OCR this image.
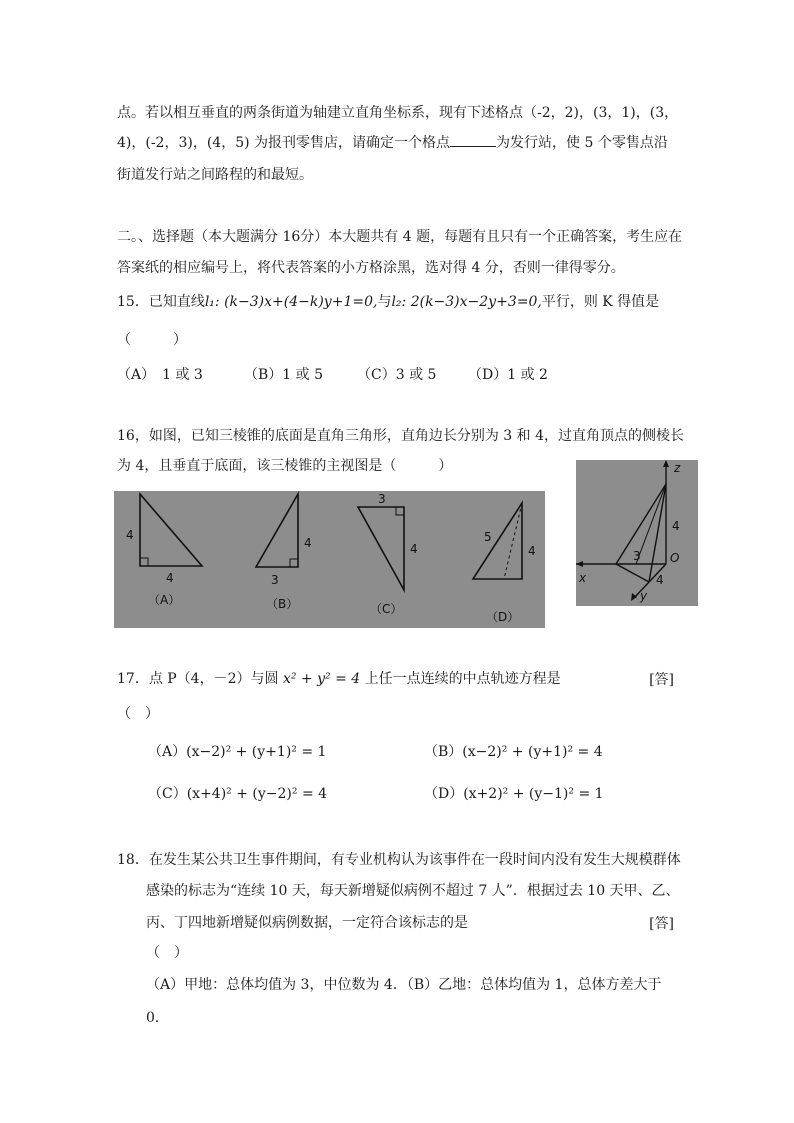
点。若以相互垂直的两条街道为轴建立直角坐标系，现有下述格点（-2，2)，(3，1)，(3，
4)，(-2，3)，(4，5) 为报刊零售店，请确定一个格点	为发行站，使 5 个零售点沿
街道发行站之间路程的和最短。
二。、选择题（本大题满分 16分）本大题共有 4 题，每题有且只有一个正确答案，考生应在
答案纸的相应编号上，将代表答案的小方格涂黑，选对得 4 分，否则一律得零分。
15．已知直线l₁: (k−3)x+(4−k)y+1=0,与l₂: 2(k−3)x−2y+3=0,平行，则 K 得值是
（　　　）
（A）　1 或 3	（B）1 或 5 （C）3 或 5 （D）1 或 2
16，如图，已知三棱锥的底面是直角三角形，直角边长分别为 3 和 4，过直角顶点的侧棱长
为 4，且垂直于底面，该三棱锥的主视图是（　　　）
4
4
（A）
4
3
（B）
3
4
（C）
5
4
（D）
z
4
3 O
x	4
y
17．点 P（4，－2）与圆 x² + y² = 4 上任一点连续的中点轨迹方程是	[答]
（　）
（A）(x−2)² + (y+1)² = 1	（B）(x−2)² + (y+1)² = 4
（C）(x+4)² + (y−2)² = 4	（D）(x+2)² + (y−1)² = 1
18．在发生某公共卫生事件期间，有专业机构认为该事件在一段时间内没有发生大规模群体
感染的标志为“连续 10 天，每天新增疑似病例不超过 7 人”．根据过去 10 天甲、乙、
丙、丁四地新增疑似病例数据，一定符合该标志的是	[答]
（　）
（A）甲地：总体均值为 3，中位数为 4．（B）乙地：总体均值为 1，总体方差大于
0．
